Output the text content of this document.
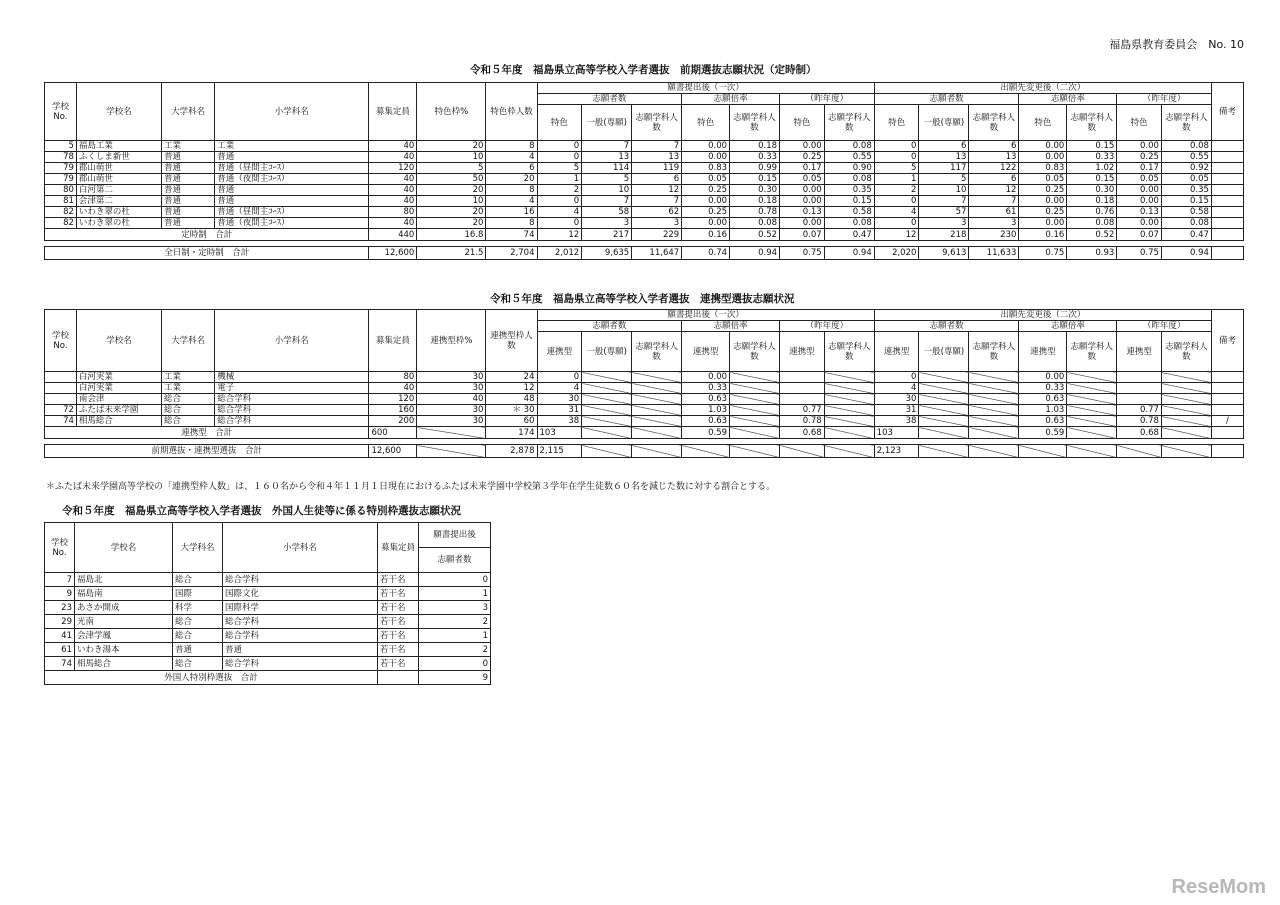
福島県教育委員会　No. 10
令和５年度　福島県立高等学校入学者選抜　前期選抜志願状況（定時制）
学校No.	学校名	大学科名	小学科名	募集定員	特色枠%	特色枠人数	願書提出後（一次）							出願先変更後（二次）							備考
							志願者数			志願倍率		（昨年度）		志願者数			志願倍率		（昨年度）		
							特色	一般(専願)	志願学科人数	特色	志願学科人数	特色	志願学科人数	特色	一般(専願)	志願学科人数	特色	志願学科人数	特色	志願学科人数	
5	福島工業	工業	工業	40	20	8	0	7	7	0.00	0.18	0.00	0.08	0	6	6	0.00	0.15	0.00	0.08	
78	ふくしま新世	普通	普通	40	10	4	0	13	13	0.00	0.33	0.25	0.55	0	13	13	0.00	0.33	0.25	0.55	
79	郡山萌世	普通	普通（昼間主ｺｰｽ）	120	5	6	5	114	119	0.83	0.99	0.17	0.90	5	117	122	0.83	1.02	0.17	0.92	
79	郡山萌世	普通	普通（夜間主ｺｰｽ）	40	50	20	1	5	6	0.05	0.15	0.05	0.08	1	5	6	0.05	0.15	0.05	0.05	
80	白河第二	普通	普通	40	20	8	2	10	12	0.25	0.30	0.00	0.35	2	10	12	0.25	0.30	0.00	0.35	
81	会津第二	普通	普通	40	10	4	0	7	7	0.00	0.18	0.00	0.15	0	7	7	0.00	0.18	0.00	0.15	
82	いわき翠の杜	普通	普通（昼間主ｺｰｽ）	80	20	16	4	58	62	0.25	0.78	0.13	0.58	4	57	61	0.25	0.76	0.13	0.58	
82	いわき翠の杜	普通	普通（夜間主ｺｰｽ）	40	20	8	0	3	3	0.00	0.08	0.00	0.08	0	3	3	0.00	0.08	0.00	0.08	
定時制　合計				440	16.8	74	12	217	229	0.16	0.52	0.07	0.47	12	218	230	0.16	0.52	0.07	0.47	

全日制・定時制　合計				12,600	21.5	2,704	2,012	9,635	11,647	0.74	0.94	0.75	0.94	2,020	9,613	11,633	0.75	0.93	0.75	0.94	
令和５年度　福島県立高等学校入学者選抜　連携型選抜志願状況
学校No.	学校名	大学科名	小学科名	募集定員	連携型枠%	連携型枠人数	願書提出後（一次）							出願先変更後（二次）							備考
							志願者数			志願倍率		（昨年度）		志願者数			志願倍率		（昨年度）		
							連携型	一般(専願)	志願学科人数	連携型	志願学科人数	連携型	志願学科人数	連携型	一般(専願)	志願学科人数	連携型	志願学科人数	連携型	志願学科人数	
	白河実業	工業	機械	80	30	24	0			0.00				0			0.00				
	白河実業	工業	電子	40	30	12	4			0.33				4			0.33				
	南会津	総合	総合学科	120	40	48	30			0.63				30			0.63				
72	ふたば未来学園	総合	総合学科	160	30	＊ 30	31			1.03		0.77		31			1.03		0.77		
74	相馬総合	総合	総合学科	200	30	60	38			0.63		0.78		38			0.63		0.78		/
連携型　合計				600		174	103			0.59		0.68		103			0.59		0.68		

前期選抜・連携型選抜　合計				12,600		2,878	2,115							2,123							
＊ふたば未来学園高等学校の「連携型枠人数」は、１６０名から令和４年１１月１日現在におけるふたば未来学園中学校第３学年在学生徒数６０名を減じた数に対する割合とする。
令和５年度　福島県立高等学校入学者選抜　外国人生徒等に係る特別枠選抜志願状況
学校No.	学校名	大学科名	小学科名	募集定員	願書提出後
					志願者数
7	福島北	総合	総合学科	若干名	0
9	福島南	国際	国際文化	若干名	1
23	あさか開成	科学	国際科学	若干名	3
29	光南	総合	総合学科	若干名	2
41	会津学鳳	総合	総合学科	若干名	1
61	いわき湯本	普通	普通	若干名	2
74	相馬総合	総合	総合学科	若干名	0
外国人特別枠選抜　合計					9
ReseMom
